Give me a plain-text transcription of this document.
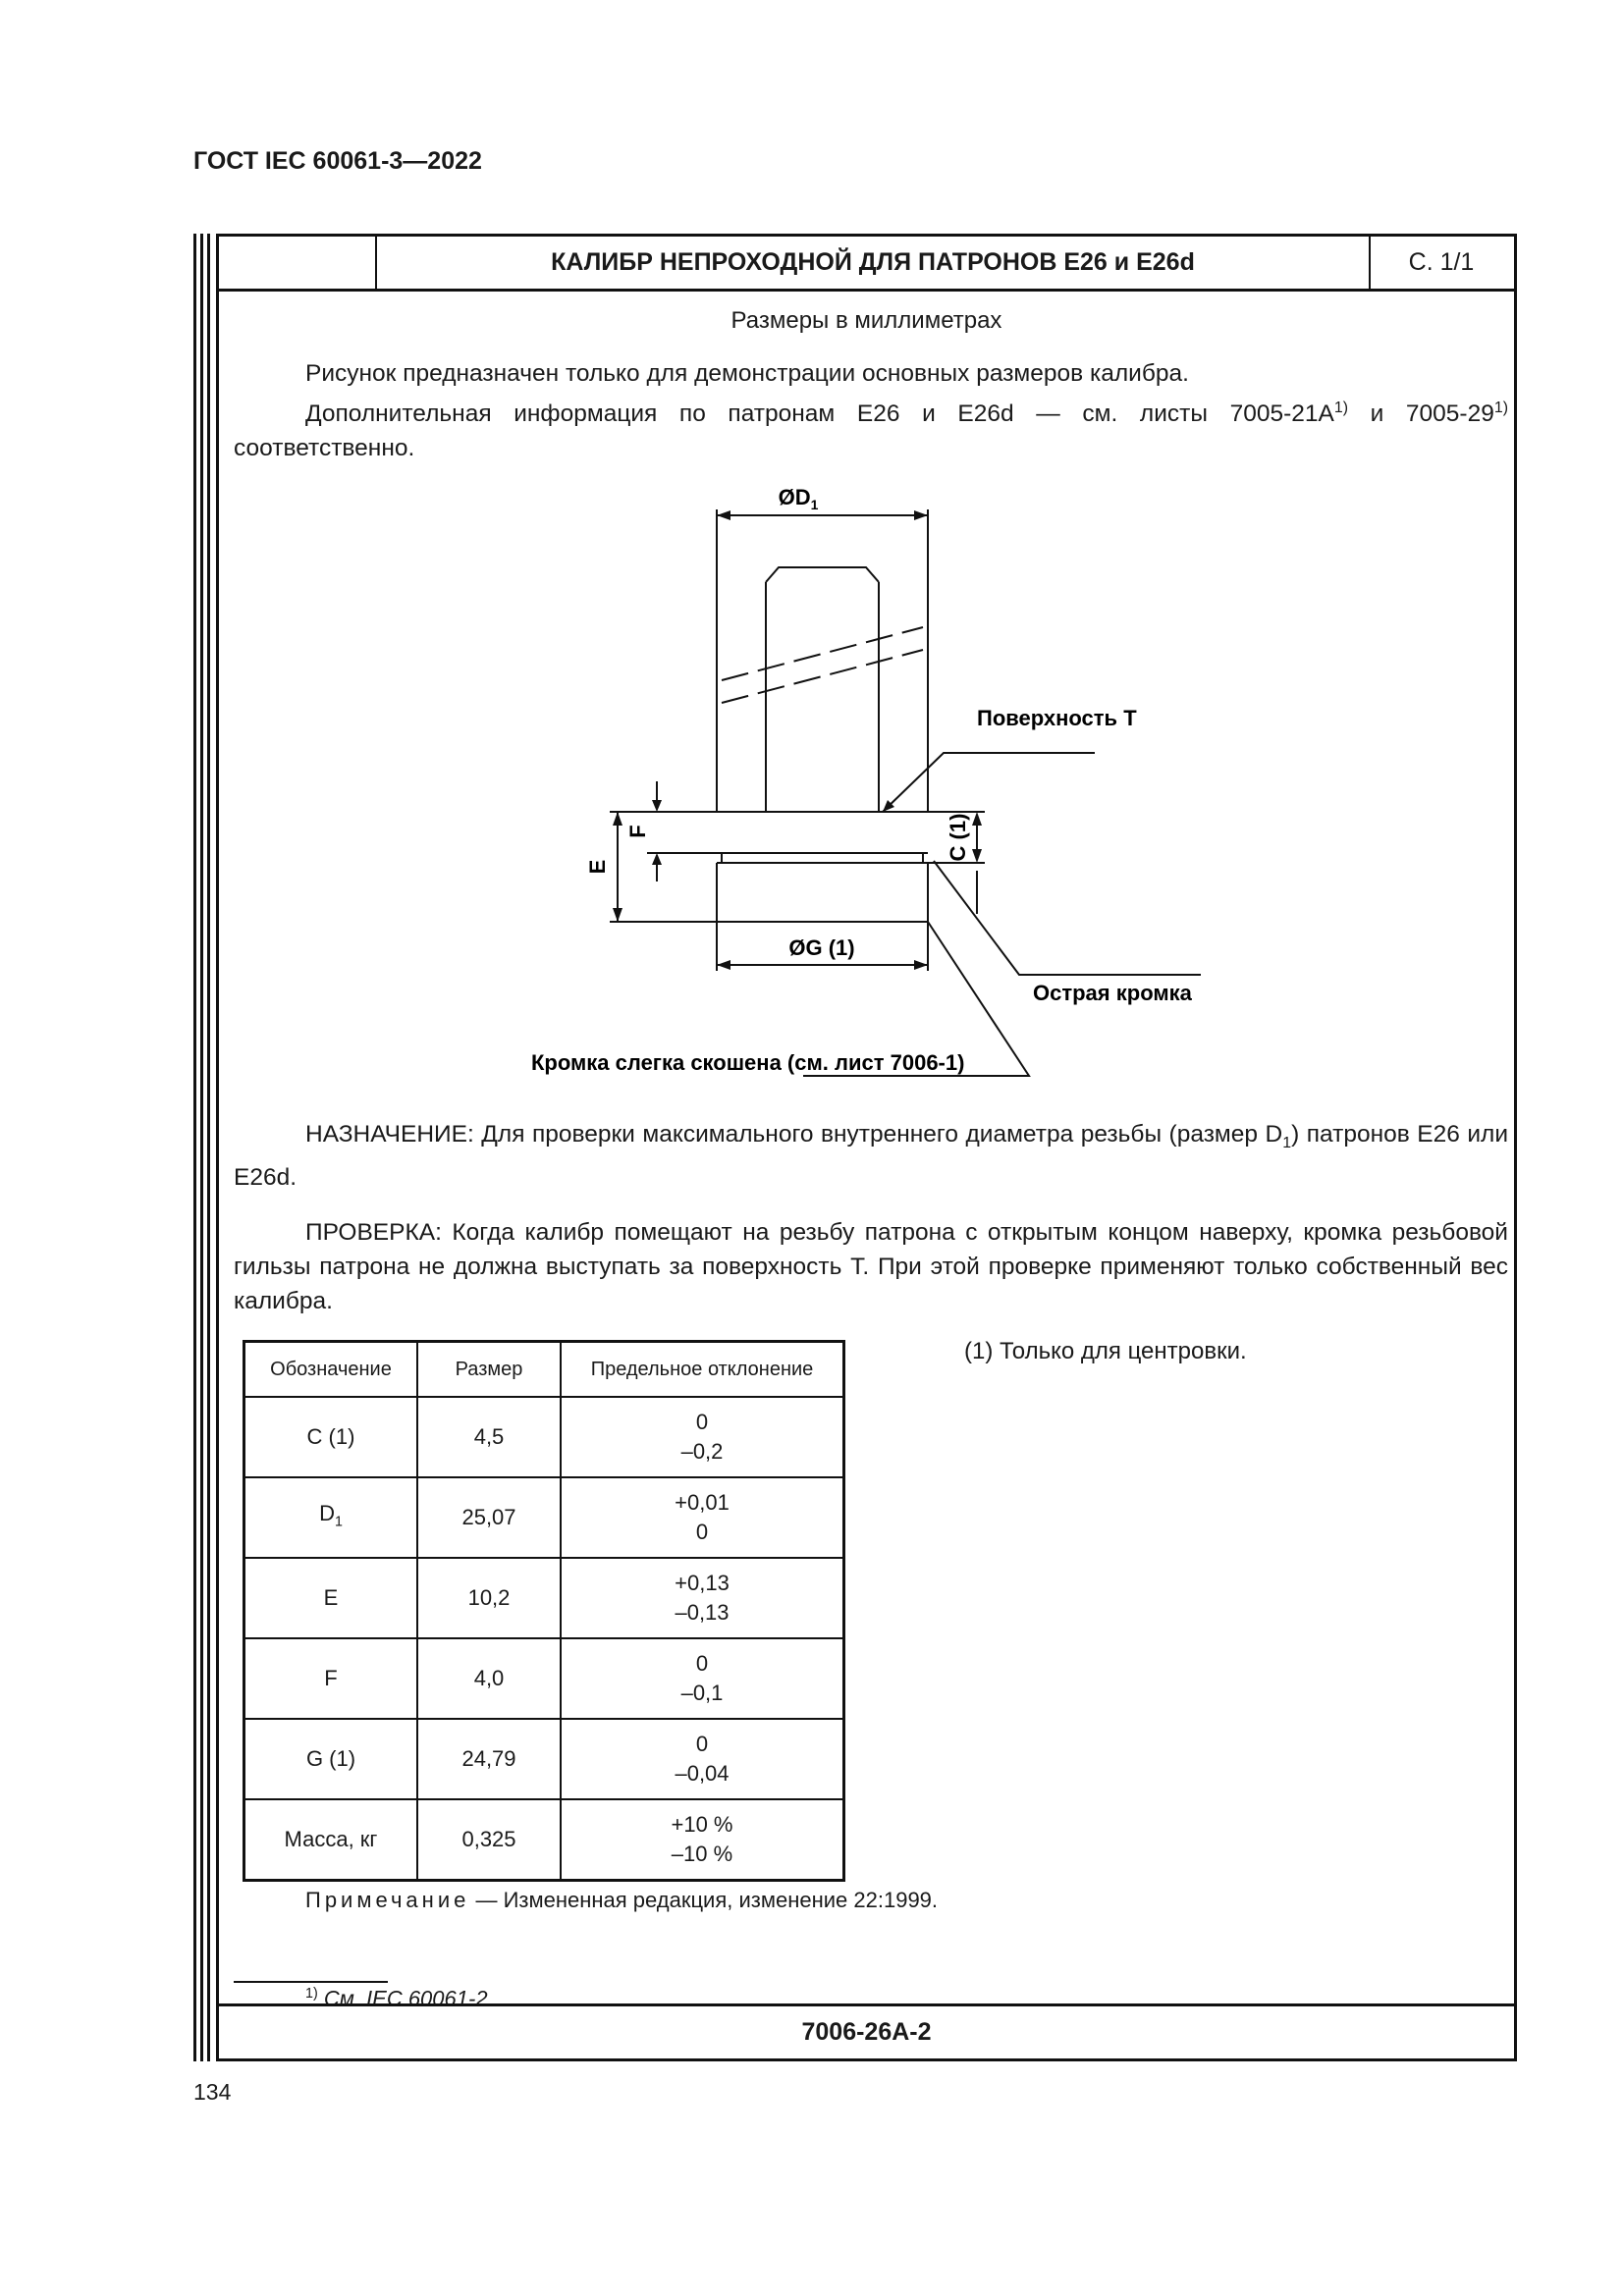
ГОСТ IEC 60061-3—2022
КАЛИБР НЕПРОХОДНОЙ ДЛЯ ПАТРОНОВ E26 и E26d	С. 1/1
Размеры в миллиметрах
Рисунок предназначен только для демонстрации основных размеров калибра.
Дополнительная информация по патронам E26 и E26d — см. листы $7005-21A^{1)}$ и 7005-29$^{1)}$ соответственно.
$ØD_1$
Поверхность T
C (1)
E
F
ØG (1)
Острая кромка
Кромка слегка скошена (см. лист 7006-1)
НАЗНАЧЕНИЕ: Для проверки максимального внутреннего диаметра резьбы (размер $D_1$) патронов E26 или E26d.
ПРОВЕРКА: Когда калибр помещают на резьбу патрона с открытым концом наверху, кромка резьбовой гильзы патрона не должна выступать за поверхность T. При этой проверке применяют только собственный вес калибра.
Обозначение	Размер	Предельное отклонение
C (1)	4,5	0
–0,2

$D_1$	25,07	+0,01
0

E	10,2	+0,13
–0,13

F	4,0	0
–0,1

G (1)	24,79	0
–0,04

Масса, кг	0,325	+10 %
–10 %
(1) Только для центровки.
Примечание — Измененная редакция, изменение 22:1999.
$^{1)}$ См. IEC 60061-2.
7006-26A-2
134
